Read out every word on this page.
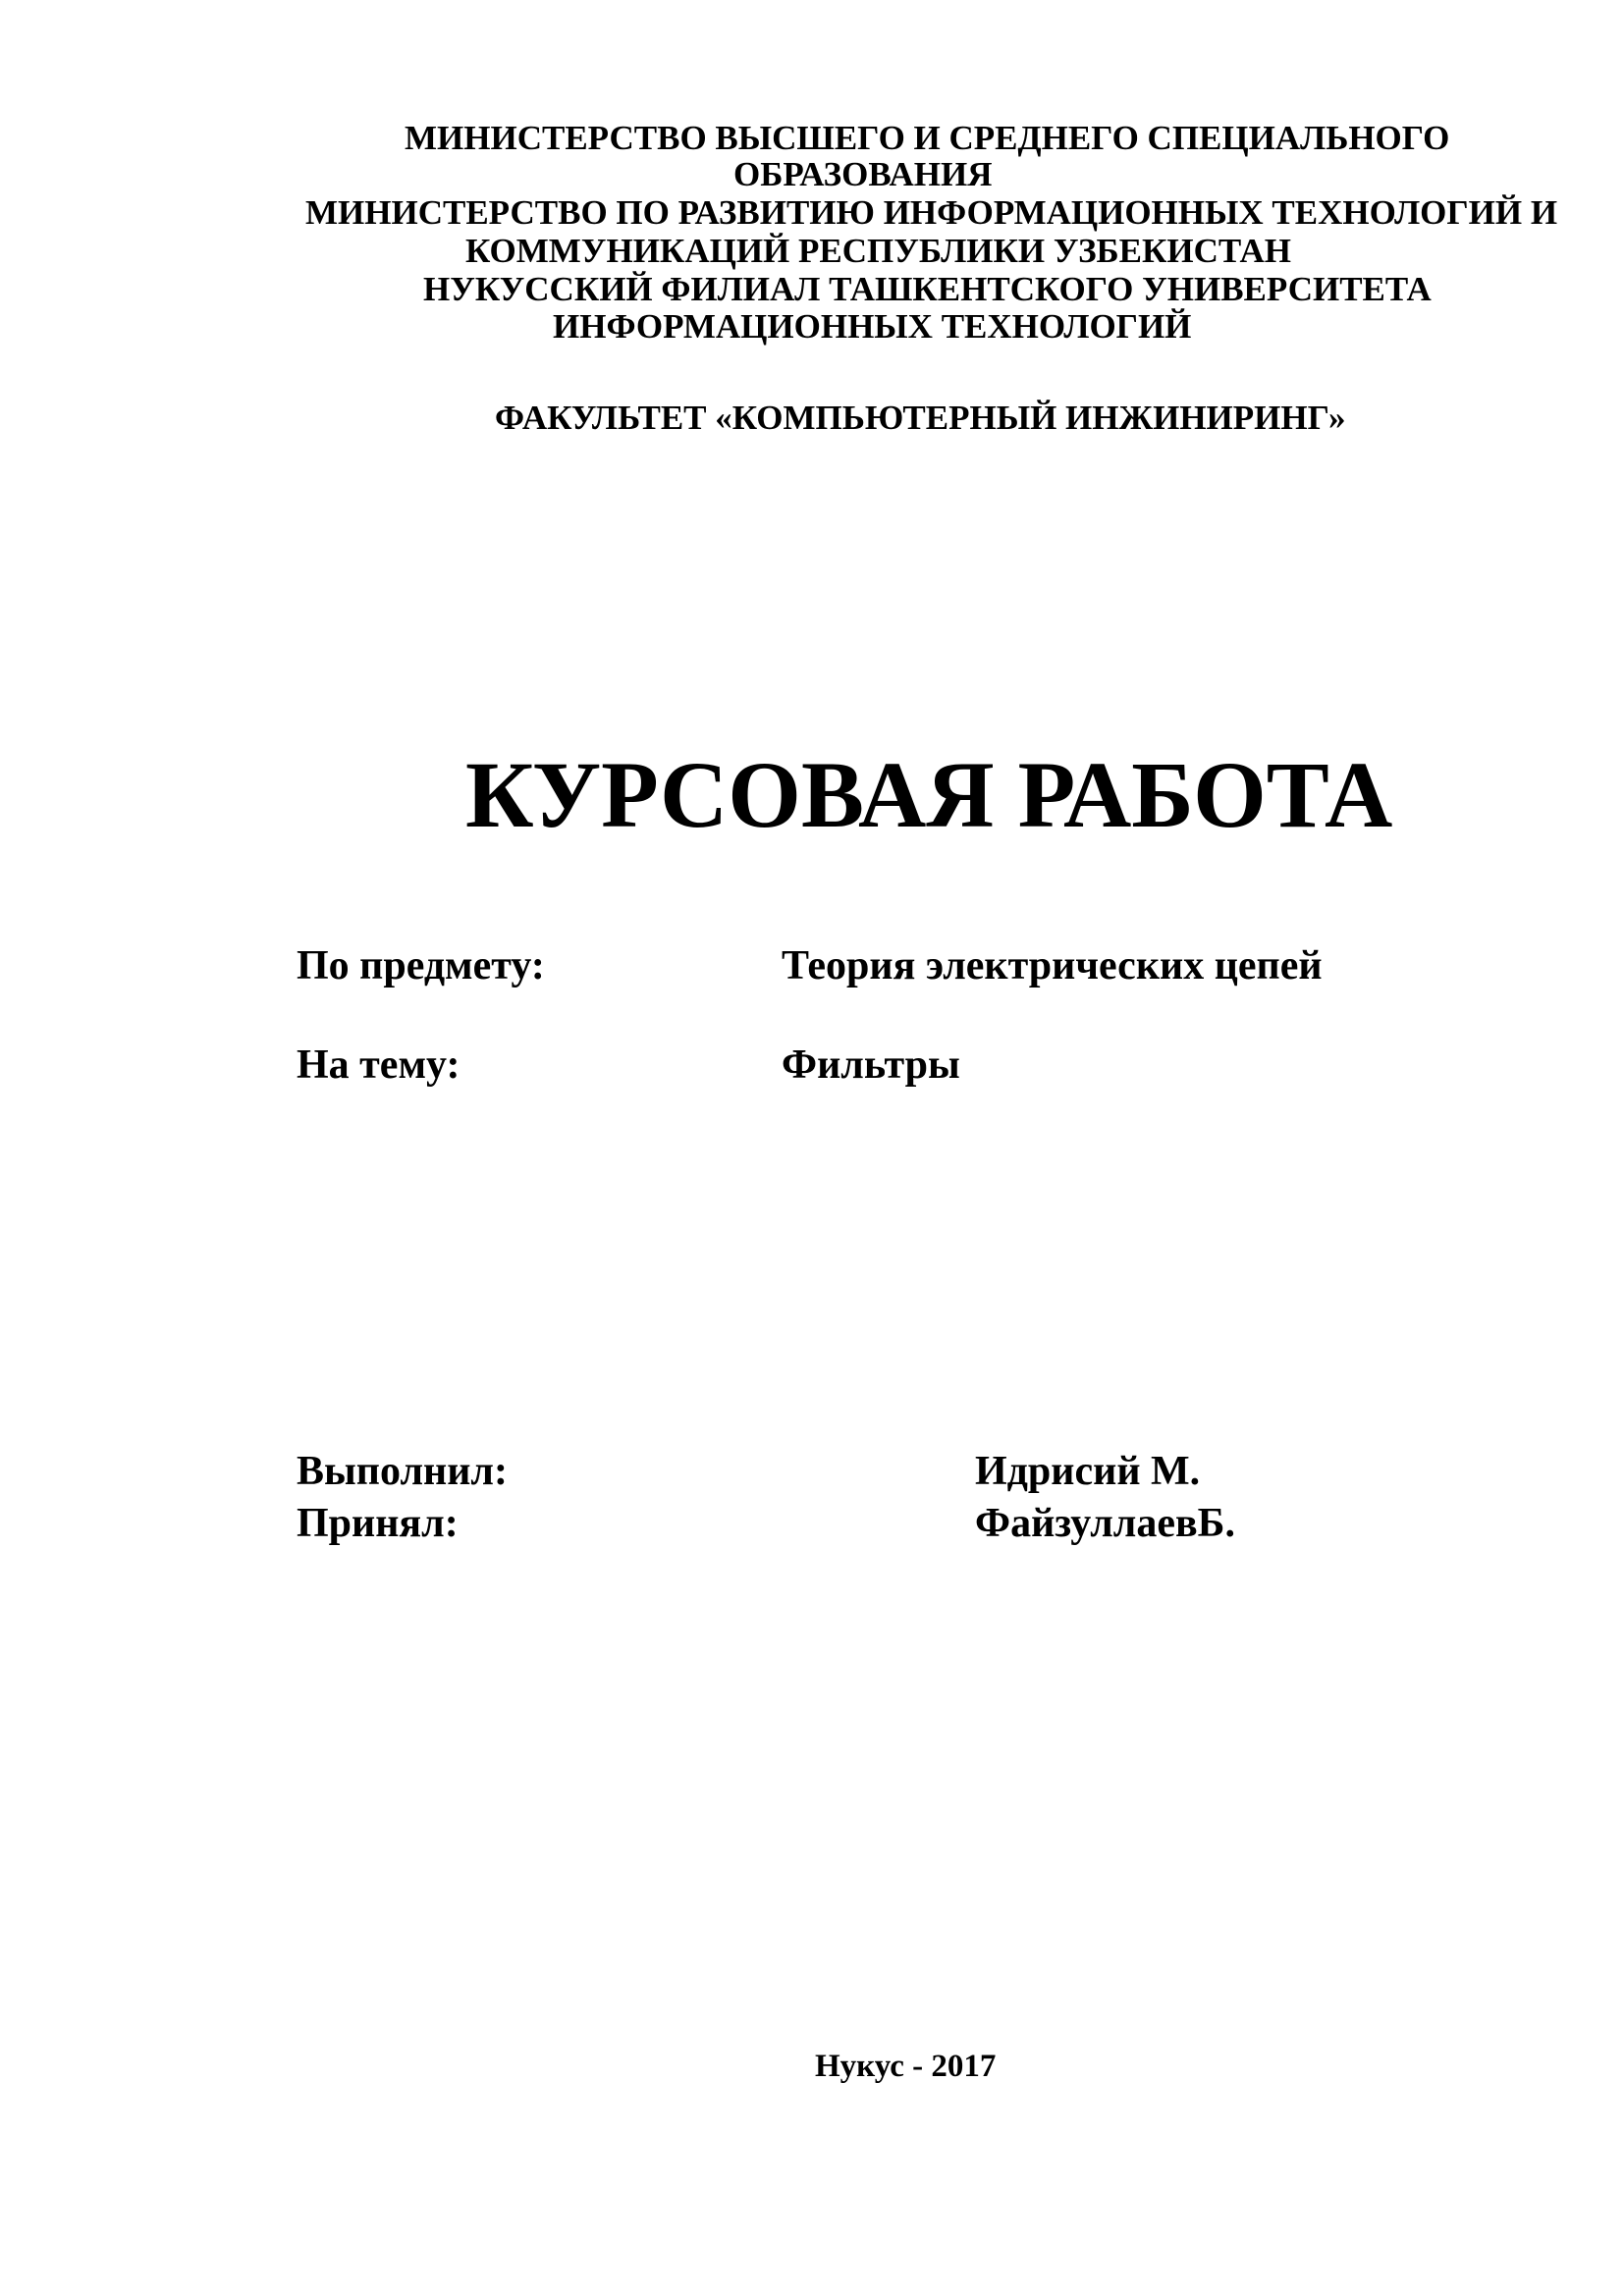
МИНИСТЕРСТВО ВЫСШЕГО И СРЕДНЕГО СПЕЦИАЛЬНОГО

ОБРАЗОВАНИЯ

МИНИСТЕРСТВО ПО РАЗВИТИЮ ИНФОРМАЦИОННЫХ ТЕХНОЛОГИЙ И

КОММУНИКАЦИЙ РЕСПУБЛИКИ УЗБЕКИСТАН

НУКУССКИЙ ФИЛИАЛ ТАШКЕНТСКОГО УНИВЕРСИТЕТА

ИНФОРМАЦИОННЫХ ТЕХНОЛОГИЙ

ФАКУЛЬТЕТ «КОМПЬЮТЕРНЫЙ ИНЖИНИРИНГ»

КУРСОВАЯ РАБОТА

По предмету:	Теория электрических цепей

На тему:	Фильтры

Выполнил:	Идрисий М.

Принял:	ФайзуллаевБ.

Нукус - 2017
